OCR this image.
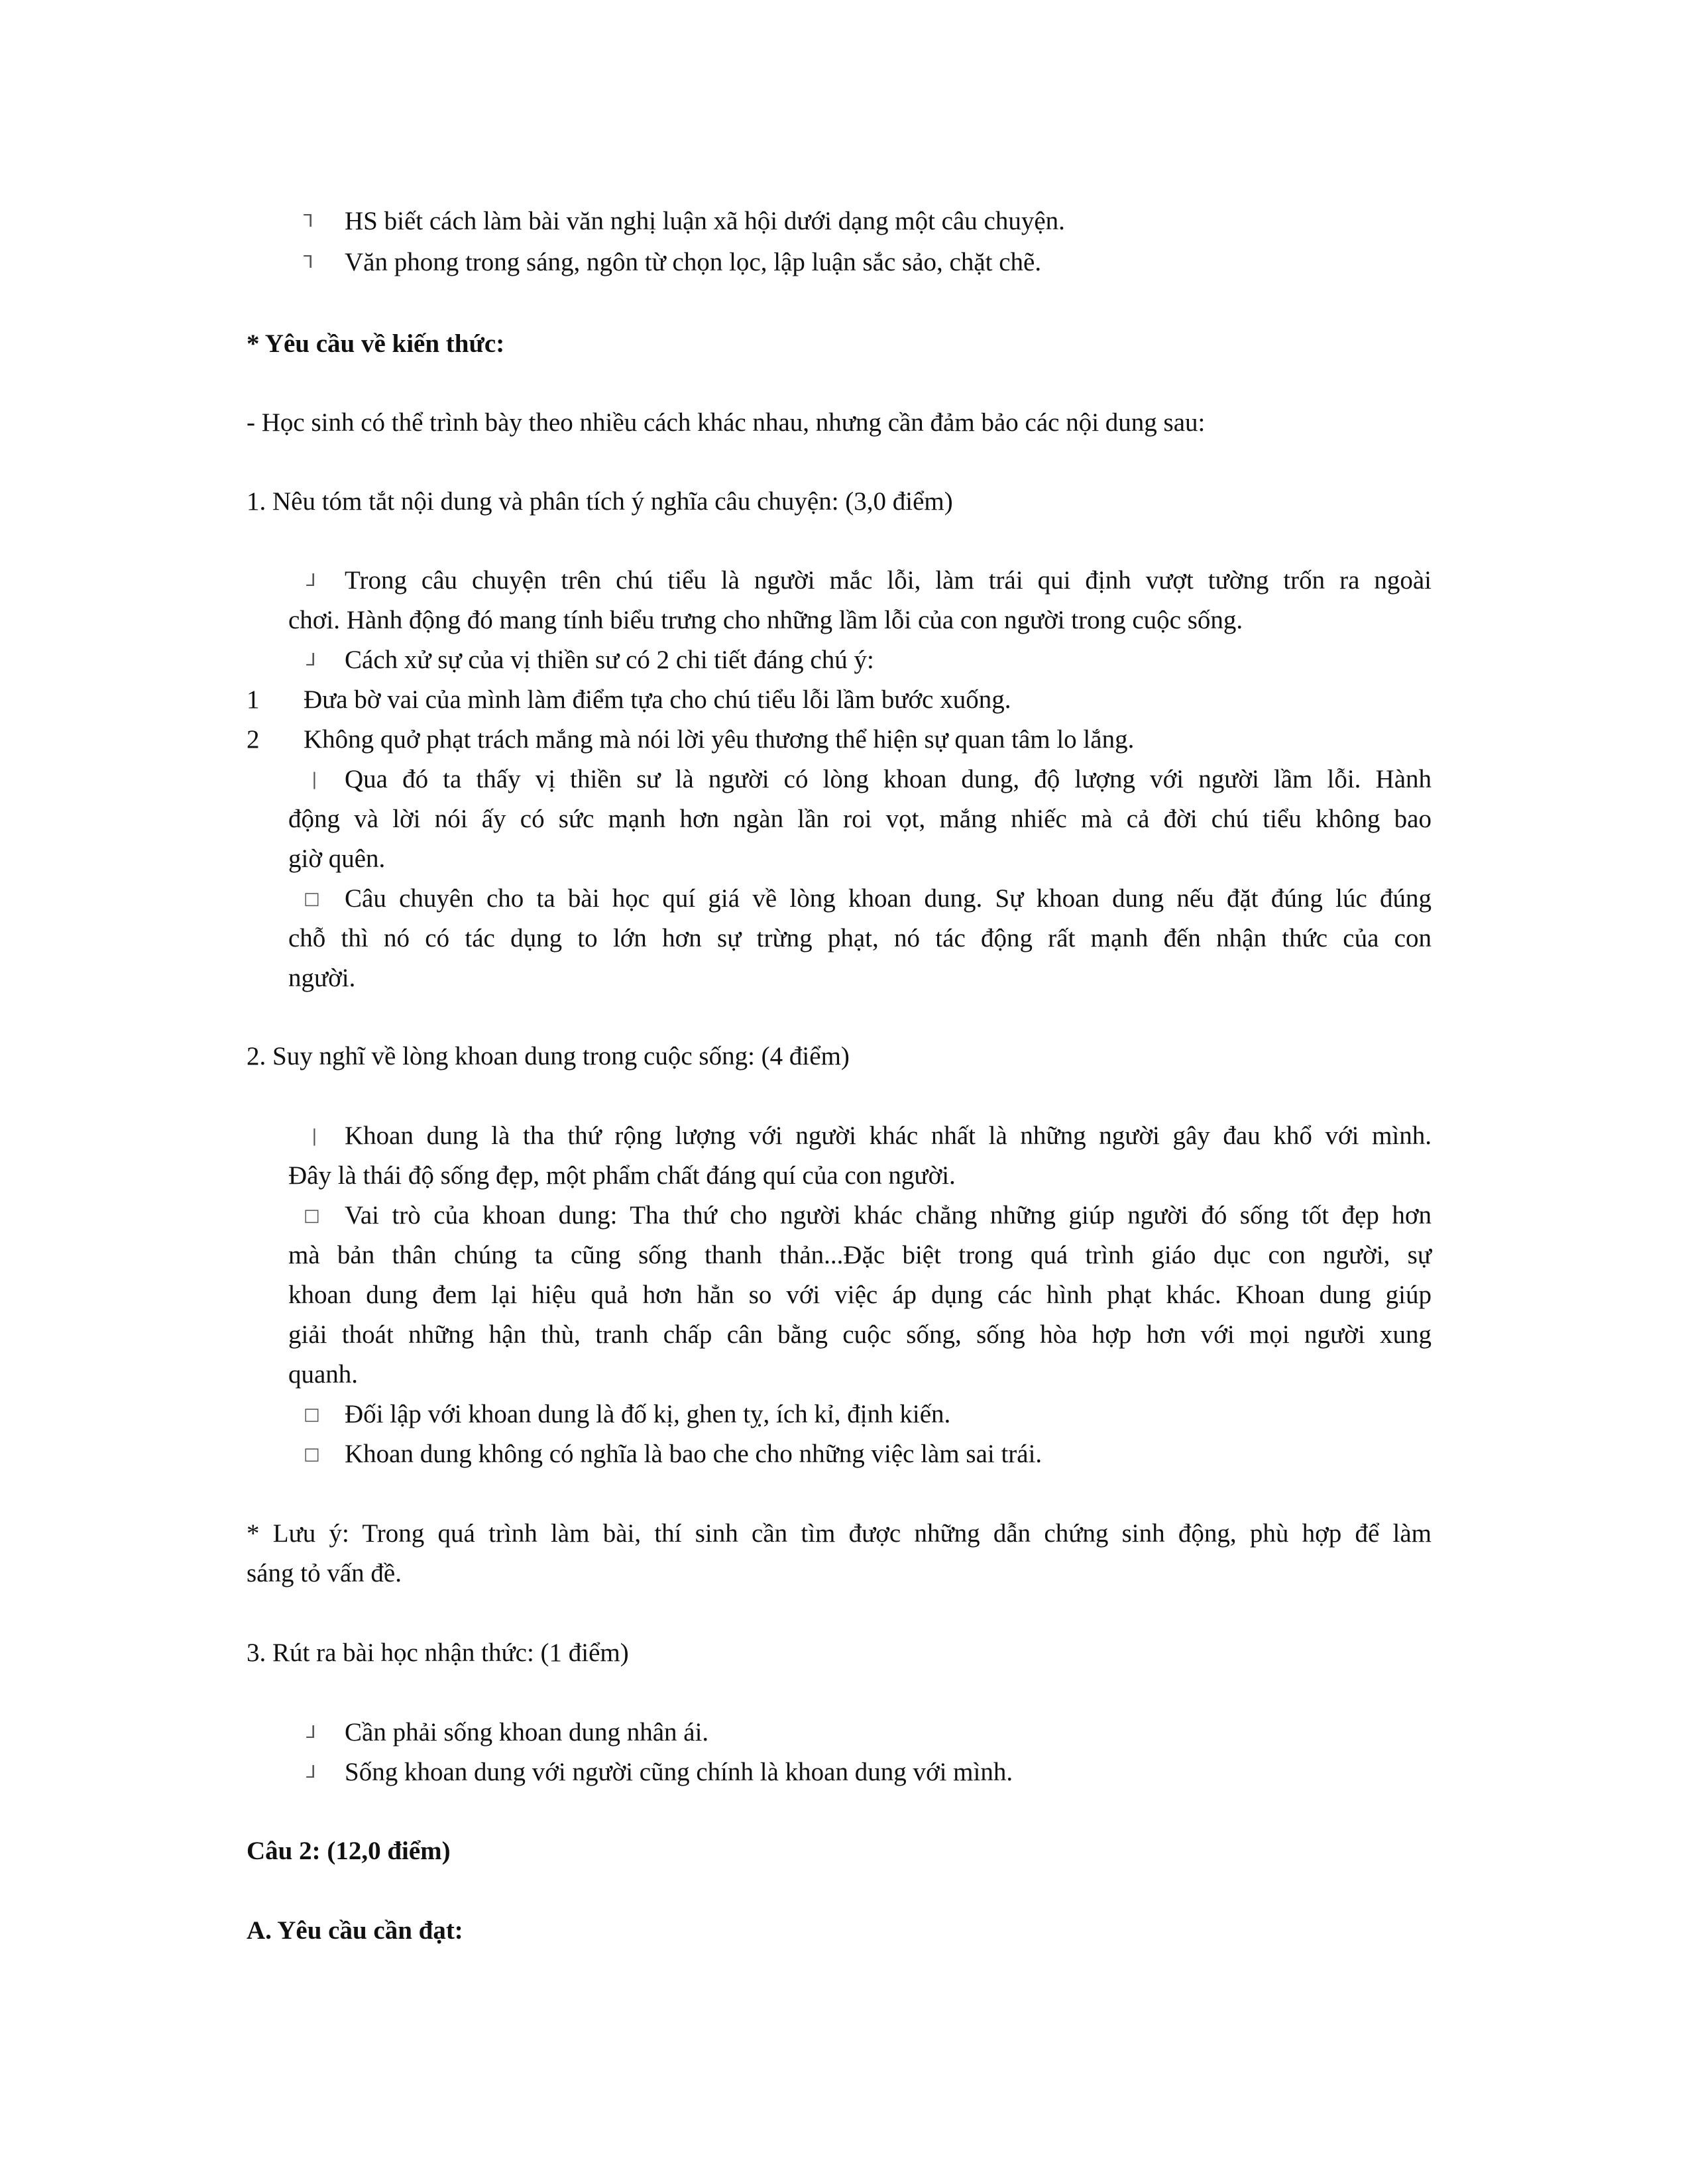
⅂ HS biết cách làm bài văn nghị luận xã hội dưới dạng một câu chuyện.

⅂ Văn phong trong sáng, ngôn từ chọn lọc, lập luận sắc sảo, chặt chẽ.

* Yêu cầu về kiến thức:

- Học sinh có thể trình bày theo nhiều cách khác nhau, nhưng cần đảm bảo các nội dung sau:

1. Nêu tóm tắt nội dung và phân tích ý nghĩa câu chuyện: (3,0 điểm)

⅃ Trong câu chuyện trên chú tiểu là người mắc lỗi, làm trái qui định vượt tường trốn ra ngoài

chơi. Hành động đó mang tính biểu trưng cho những lầm lỗi của con người trong cuộc sống.

⅃ Cách xử sự của vị thiền sư có 2 chi tiết đáng chú ý:

1 Đưa bờ vai của mình làm điểm tựa cho chú tiểu lỗi lầm bước xuống.

2 Không quở phạt trách mắng mà nói lời yêu thương thể hiện sự quan tâm lo lắng.

| Qua đó ta thấy vị thiền sư là người có lòng khoan dung, độ lượng với người lầm lỗi. Hành

động và lời nói ấy có sức mạnh hơn ngàn lần roi vọt, mắng nhiếc mà cả đời chú tiểu không bao

giờ quên.

□ Câu chuyên cho ta bài học quí giá về lòng khoan dung. Sự khoan dung nếu đặt đúng lúc đúng

chỗ thì nó có tác dụng to lớn hơn sự trừng phạt, nó tác động rất mạnh đến nhận thức của con

người.

2. Suy nghĩ về lòng khoan dung trong cuộc sống: (4 điểm)

| Khoan dung là tha thứ rộng lượng với người khác nhất là những người gây đau khổ với mình.

Đây là thái độ sống đẹp, một phẩm chất đáng quí của con người.

□ Vai trò của khoan dung: Tha thứ cho người khác chẳng những giúp người đó sống tốt đẹp hơn

mà bản thân chúng ta cũng sống thanh thản...Đặc biệt trong quá trình giáo dục con người, sự

khoan dung đem lại hiệu quả hơn hẳn so với việc áp dụng các hình phạt khác. Khoan dung giúp

giải thoát những hận thù, tranh chấp cân bằng cuộc sống, sống hòa hợp hơn với mọi người xung

quanh.

□ Đối lập với khoan dung là đố kị, ghen tỵ, ích kỉ, định kiến.

□ Khoan dung không có nghĩa là bao che cho những việc làm sai trái.

* Lưu ý: Trong quá trình làm bài, thí sinh cần tìm được những dẫn chứng sinh động, phù hợp để làm

sáng tỏ vấn đề.

3. Rút ra bài học nhận thức: (1 điểm)

⅃ Cần phải sống khoan dung nhân ái.

⅃ Sống khoan dung với người cũng chính là khoan dung với mình.

Câu 2: (12,0 điểm)

A. Yêu cầu cần đạt:
